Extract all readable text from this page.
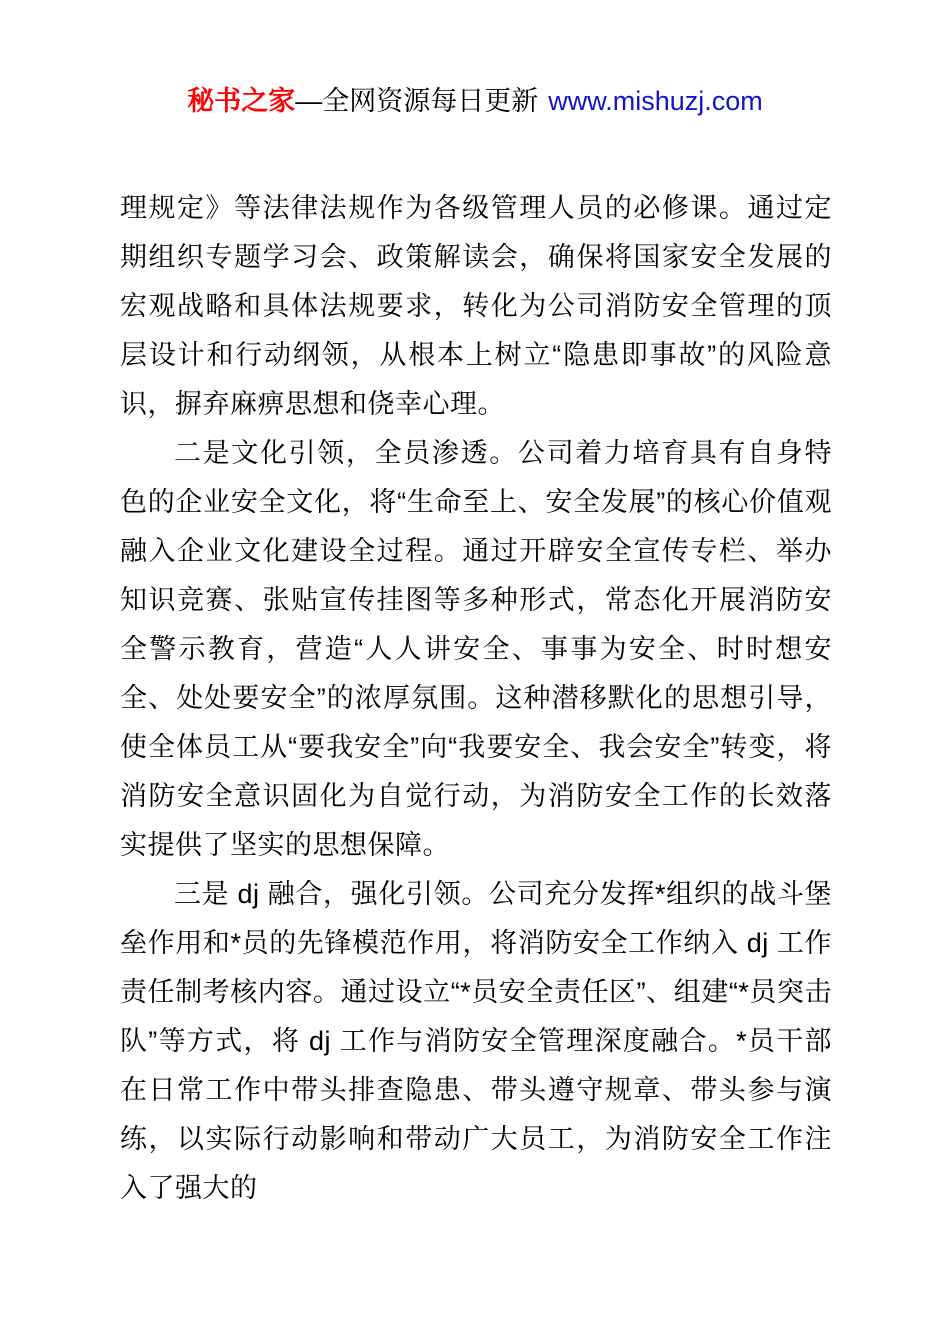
秘书之家—全网资源每日更新 www.mishuzj.com

理规定》等法律法规作为各级管理人员的必修课。通过定期组织专题学习会、政策解读会，确保将国家安全发展的宏观战略和具体法规要求，转化为公司消防安全管理的顶层设计和行动纲领，从根本上树立“隐患即事故”的风险意识，摒弃麻痹思想和侥幸心理。

二是文化引领，全员渗透。公司着力培育具有自身特色的企业安全文化，将“生命至上、安全发展”的核心价值观融入企业文化建设全过程。通过开辟安全宣传专栏、举办知识竞赛、张贴宣传挂图等多种形式，常态化开展消防安全警示教育，营造“人人讲安全、事事为安全、时时想安全、处处要安全”的浓厚氛围。这种潜移默化的思想引导，使全体员工从“要我安全”向“我要安全、我会安全”转变，将消防安全意识固化为自觉行动，为消防安全工作的长效落实提供了坚实的思想保障。

三是 dj 融合，强化引领。公司充分发挥*组织的战斗堡垒作用和*员的先锋模范作用，将消防安全工作纳入 dj 工作责任制考核内容。通过设立“*员安全责任区”、组建“*员突击队”等方式，将 dj 工作与消防安全管理深度融合。*员干部在日常工作中带头排查隐患、带头遵守规章、带头参与演练，以实际行动影响和带动广大员工，为消防安全工作注入了强大的
